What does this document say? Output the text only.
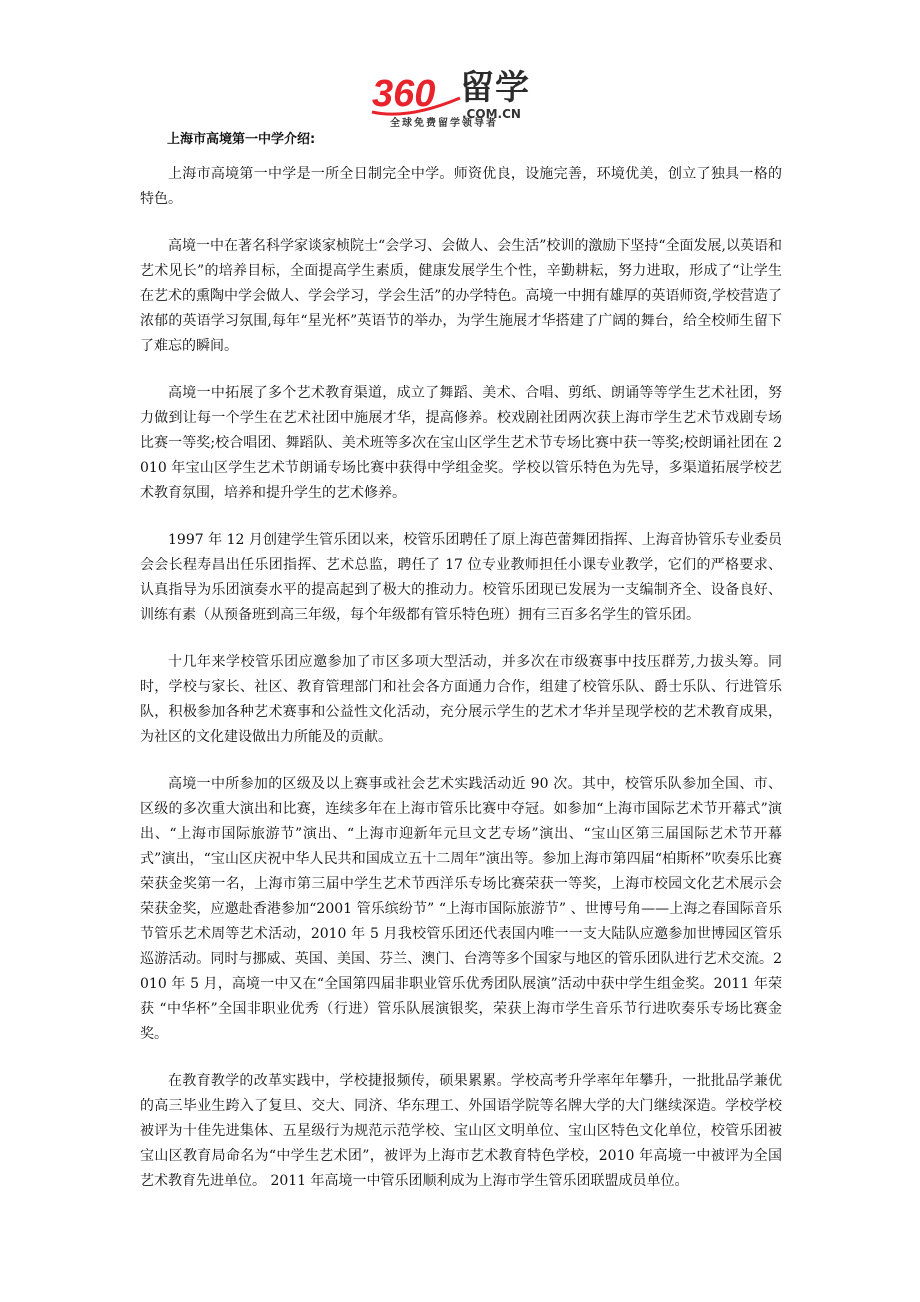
360 留学
.COM.CN
全球免费留学领导者
上海市高境第一中学介绍:

上海市高境第一中学是一所全日制完全中学。师资优良，设施完善，环境优美，创立了独具一格的特色。

高境一中在著名科学家谈家桢院士“会学习、会做人、会生活”校训的激励下坚持“全面发展,以英语和艺术见长”的培养目标，全面提高学生素质，健康发展学生个性，辛勤耕耘，努力进取，形成了“让学生在艺术的熏陶中学会做人、学会学习，学会生活”的办学特色。高境一中拥有雄厚的英语师资,学校营造了浓郁的英语学习氛围,每年“星光杯”英语节的举办，为学生施展才华搭建了广阔的舞台，给全校师生留下了难忘的瞬间。

高境一中拓展了多个艺术教育渠道，成立了舞蹈、美术、合唱、剪纸、朗诵等等学生艺术社团，努力做到让每一个学生在艺术社团中施展才华，提高修养。校戏剧社团两次获上海市学生艺术节戏剧专场比赛一等奖;校合唱团、舞蹈队、美术班等多次在宝山区学生艺术节专场比赛中获一等奖;校朗诵社团在 2010 年宝山区学生艺术节朗诵专场比赛中获得中学组金奖。学校以管乐特色为先导，多渠道拓展学校艺术教育氛围，培养和提升学生的艺术修养。

1997 年 12 月创建学生管乐团以来，校管乐团聘任了原上海芭蕾舞团指挥、上海音协管乐专业委员会会长程寿昌出任乐团指挥、艺术总监，聘任了 17 位专业教师担任小课专业教学，它们的严格要求、认真指导为乐团演奏水平的提高起到了极大的推动力。校管乐团现已发展为一支编制齐全、设备良好、训练有素（从预备班到高三年级，每个年级都有管乐特色班）拥有三百多名学生的管乐团。

十几年来学校管乐团应邀参加了市区多项大型活动，并多次在市级赛事中技压群芳,力拔头筹。同时，学校与家长、社区、教育管理部门和社会各方面通力合作，组建了校管乐队、爵士乐队、行进管乐队，积极参加各种艺术赛事和公益性文化活动，充分展示学生的艺术才华并呈现学校的艺术教育成果，为社区的文化建设做出力所能及的贡献。

高境一中所参加的区级及以上赛事或社会艺术实践活动近 90 次。其中，校管乐队参加全国、市、区级的多次重大演出和比赛，连续多年在上海市管乐比赛中夺冠。如参加“上海市国际艺术节开幕式”演出、“上海市国际旅游节”演出、“上海市迎新年元旦文艺专场”演出、“宝山区第三届国际艺术节开幕式”演出，“宝山区庆祝中华人民共和国成立五十二周年”演出等。参加上海市第四届“柏斯杯”吹奏乐比赛荣获金奖第一名，上海市第三届中学生艺术节西洋乐专场比赛荣获一等奖，上海市校园文化艺术展示会荣获金奖，应邀赴香港参加“2001 管乐缤纷节” “上海市国际旅游节” 、世博号角——上海之春国际音乐节管乐艺术周等艺术活动，2010 年 5 月我校管乐团还代表国内唯一一支大陆队应邀参加世博园区管乐巡游活动。同时与挪威、英国、美国、芬兰、澳门、台湾等多个国家与地区的管乐团队进行艺术交流。2010 年 5 月，高境一中又在“全国第四届非职业管乐优秀团队展演”活动中获中学生组金奖。2011 年荣获 “中华杯”全国非职业优秀（行进）管乐队展演银奖，荣获上海市学生音乐节行进吹奏乐专场比赛金奖。

在教育教学的改革实践中，学校捷报频传，硕果累累。学校高考升学率年年攀升，一批批品学兼优的高三毕业生跨入了复旦、交大、同济、华东理工、外国语学院等名牌大学的大门继续深造。学校学校被评为十佳先进集体、五星级行为规范示范学校、宝山区文明单位、宝山区特色文化单位，校管乐团被宝山区教育局命名为“中学生艺术团”，被评为上海市艺术教育特色学校，2010 年高境一中被评为全国艺术教育先进单位。 2011 年高境一中管乐团顺利成为上海市学生管乐团联盟成员单位。
